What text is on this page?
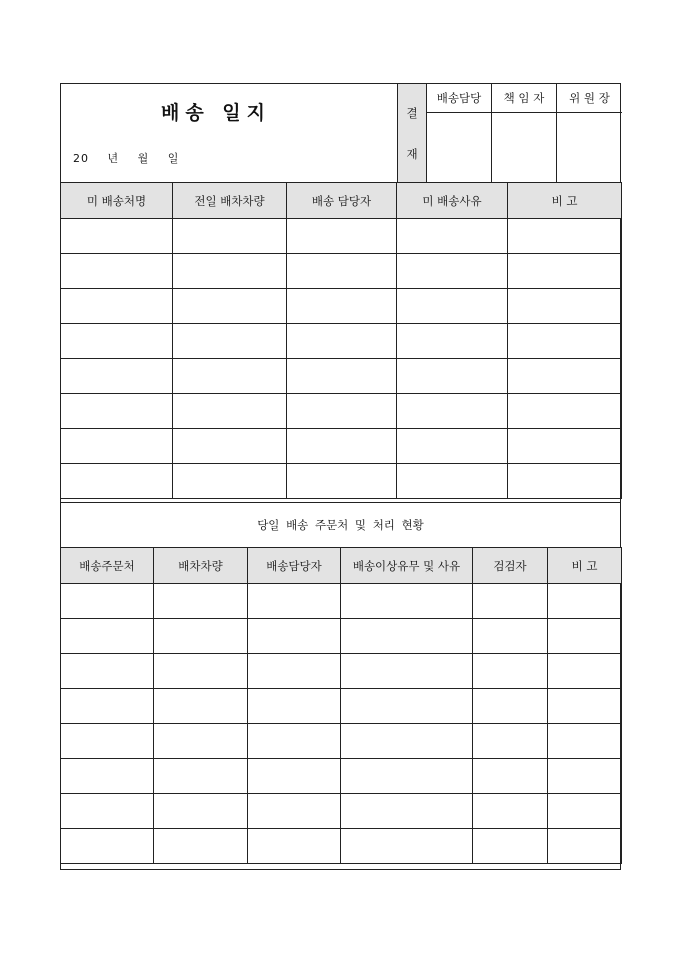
배송 일지
20 년 월 일
결
재
배송담당	책 임 자	위 원 장
미 배송처명	전일 배차차량	배송 담당자	미 배송사유	비 고

당일 배송 주문처 및 처리 현황
배송주문처	배차차량	배송담당자	배송이상유무 및 사유	검검자	비 고
